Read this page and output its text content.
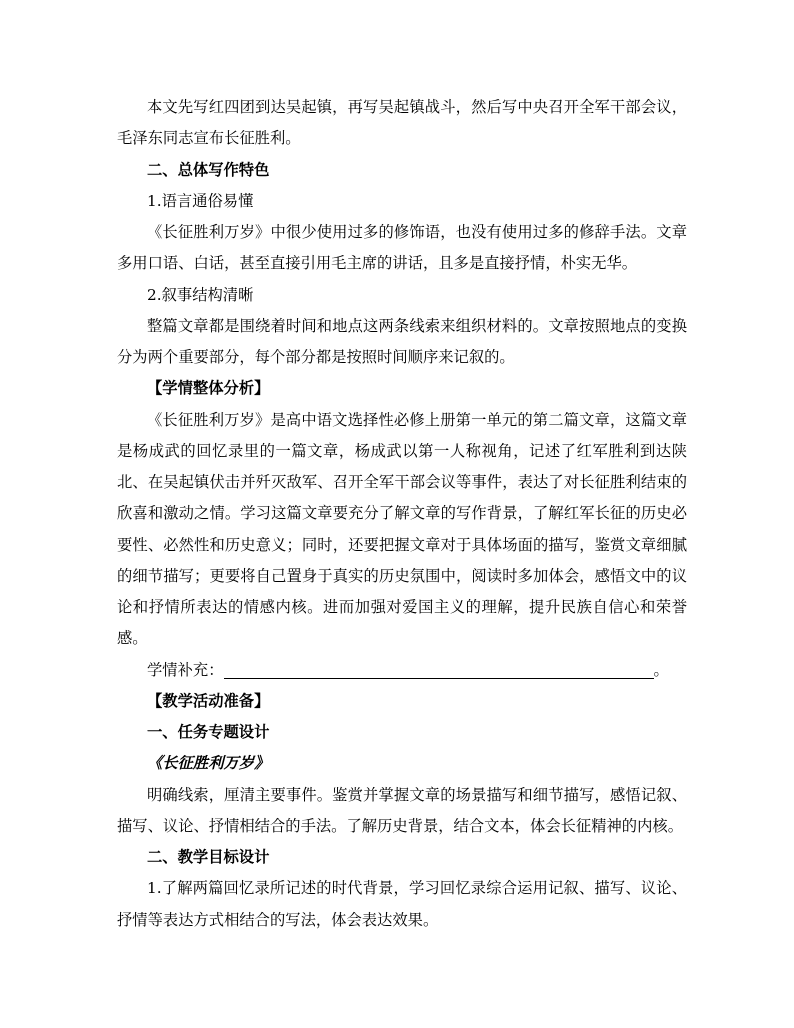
本文先写红四团到达吴起镇，再写吴起镇战斗，然后写中央召开全军干部会议，毛泽东同志宣布长征胜利。

二、总体写作特色

1.语言通俗易懂

《长征胜利万岁》中很少使用过多的修饰语，也没有使用过多的修辞手法。文章多用口语、白话，甚至直接引用毛主席的讲话，且多是直接抒情，朴实无华。

2.叙事结构清晰

整篇文章都是围绕着时间和地点这两条线索来组织材料的。文章按照地点的变换分为两个重要部分，每个部分都是按照时间顺序来记叙的。

【学情整体分析】

《长征胜利万岁》是高中语文选择性必修上册第一单元的第二篇文章，这篇文章是杨成武的回忆录里的一篇文章，杨成武以第一人称视角，记述了红军胜利到达陕北、在吴起镇伏击并歼灭敌军、召开全军干部会议等事件，表达了对长征胜利结束的欣喜和激动之情。学习这篇文章要充分了解文章的写作背景，了解红军长征的历史必要性、必然性和历史意义；同时，还要把握文章对于具体场面的描写，鉴赏文章细腻的细节描写；更要将自己置身于真实的历史氛围中，阅读时多加体会，感悟文中的议论和抒情所表达的情感内核。进而加强对爱国主义的理解，提升民族自信心和荣誉感。

学情补充：	。

【教学活动准备】

一、任务专题设计

《长征胜利万岁》

明确线索，厘清主要事件。鉴赏并掌握文章的场景描写和细节描写，感悟记叙、描写、议论、抒情相结合的手法。了解历史背景，结合文本，体会长征精神的内核。

二、教学目标设计

1.了解两篇回忆录所记述的时代背景，学习回忆录综合运用记叙、描写、议论、抒情等表达方式相结合的写法，体会表达效果。
